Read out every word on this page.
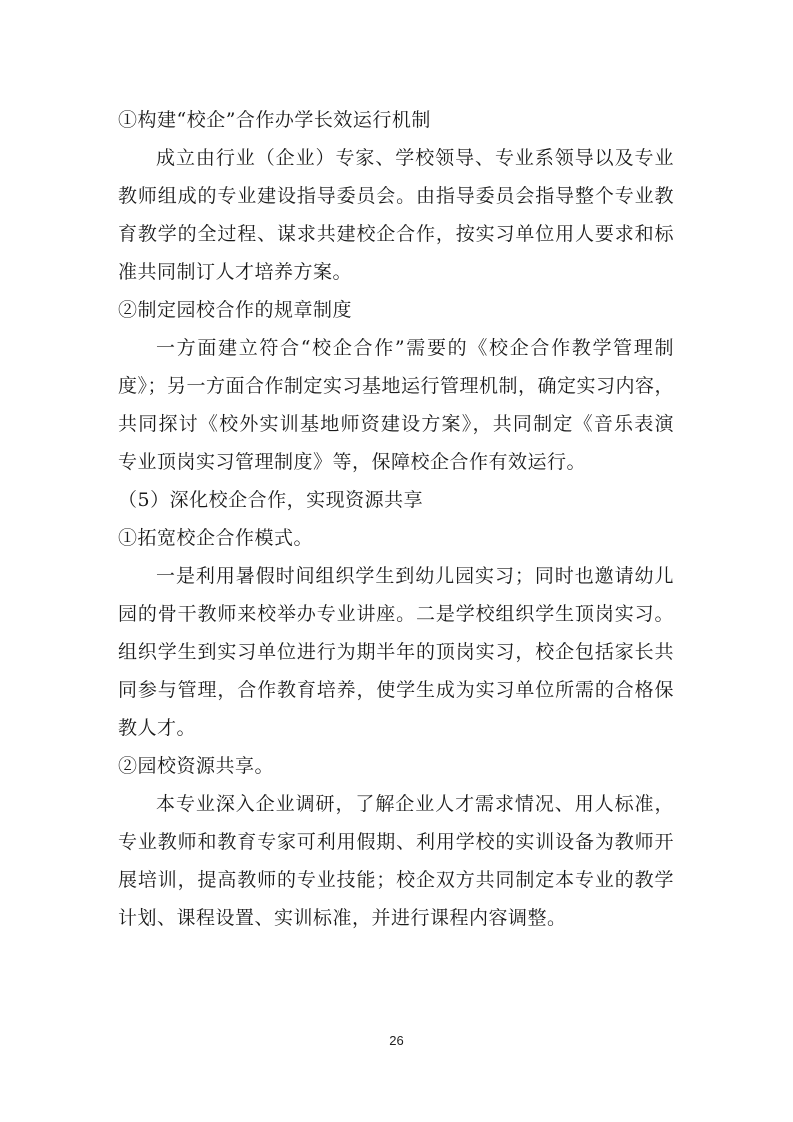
①构建“校企”合作办学长效运行机制
成立由行业（企业）专家、学校领导、专业系领导以及专业
教师组成的专业建设指导委员会。由指导委员会指导整个专业教
育教学的全过程、谋求共建校企合作，按实习单位用人要求和标
准共同制订人才培养方案。
②制定园校合作的规章制度
一方面建立符合“校企合作”需要的《校企合作教学管理制
度》；另一方面合作制定实习基地运行管理机制，确定实习内容，
共同探讨《校外实训基地师资建设方案》，共同制定《音乐表演
专业顶岗实习管理制度》等，保障校企合作有效运行。
（5）深化校企合作，实现资源共享
①拓宽校企合作模式。
一是利用暑假时间组织学生到幼儿园实习；同时也邀请幼儿
园的骨干教师来校举办专业讲座。二是学校组织学生顶岗实习。
组织学生到实习单位进行为期半年的顶岗实习，校企包括家长共
同参与管理，合作教育培养，使学生成为实习单位所需的合格保
教人才。
②园校资源共享。
本专业深入企业调研，了解企业人才需求情况、用人标准，
专业教师和教育专家可利用假期、利用学校的实训设备为教师开
展培训，提高教师的专业技能；校企双方共同制定本专业的教学
计划、课程设置、实训标准，并进行课程内容调整。
26
